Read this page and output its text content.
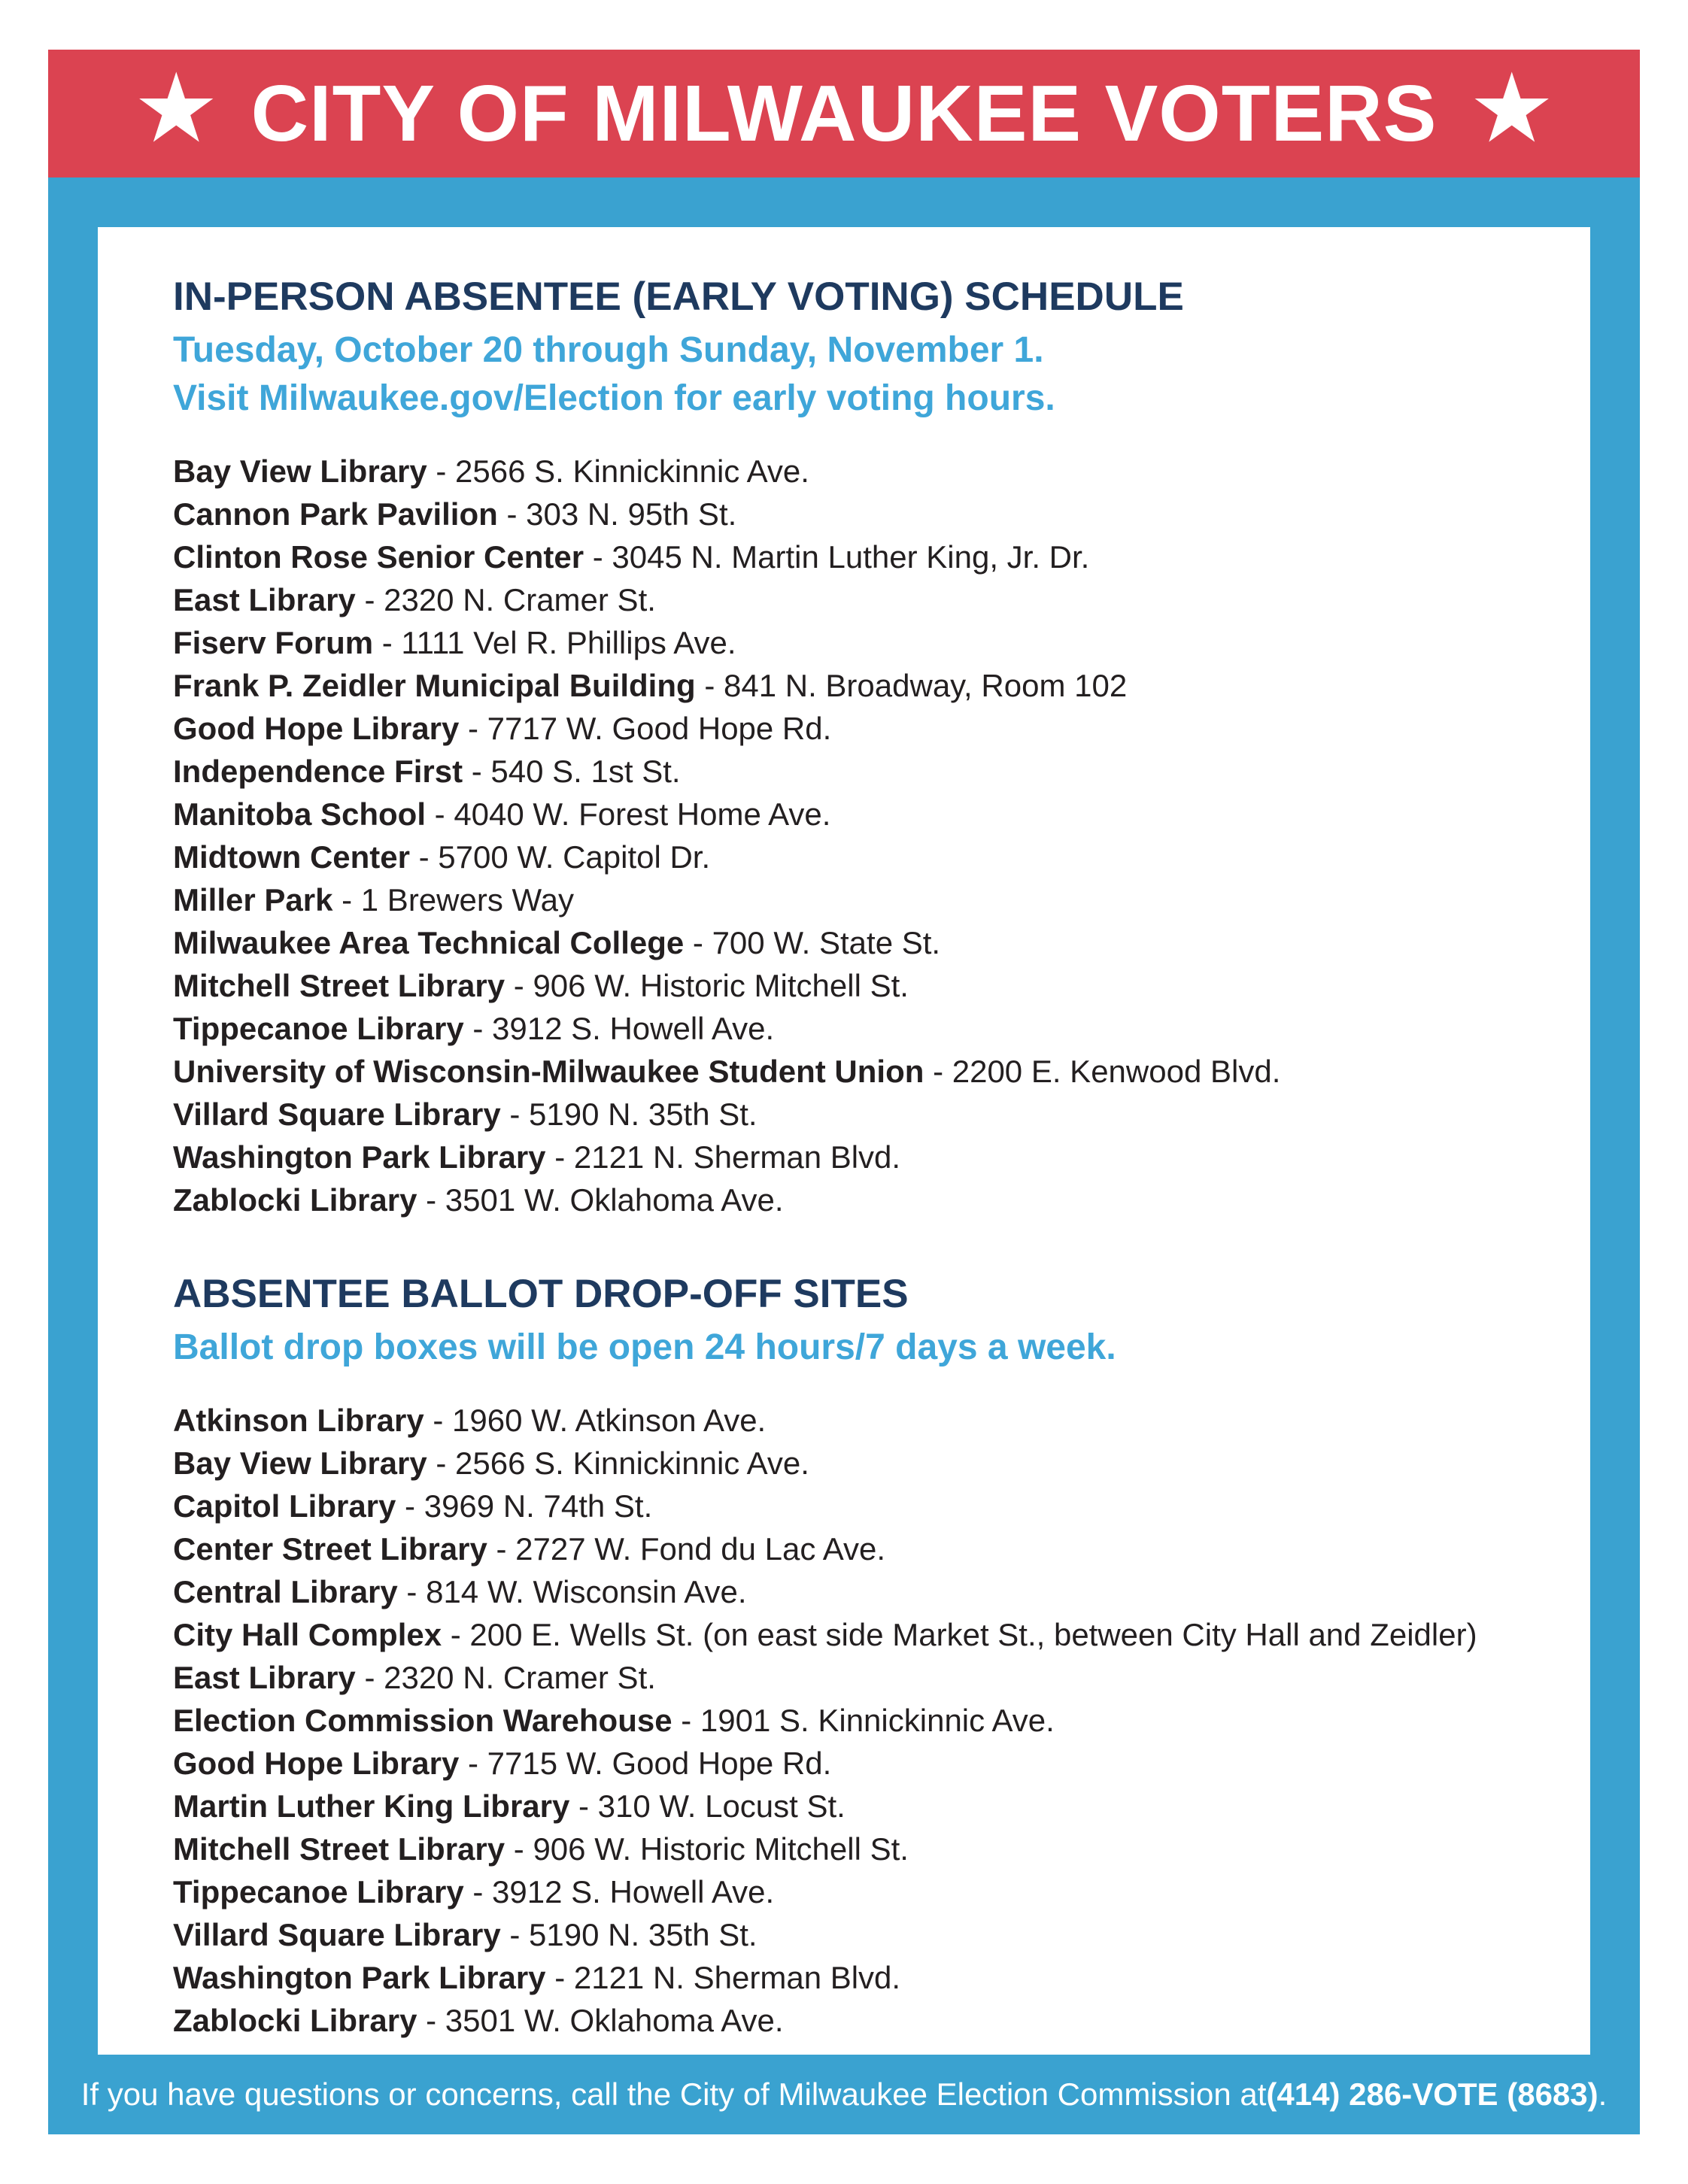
★ CITY OF MILWAUKEE VOTERS ★
IN-PERSON ABSENTEE (EARLY VOTING) SCHEDULE
Tuesday, October 20 through Sunday, November 1.
Visit Milwaukee.gov/Election for early voting hours.
Bay View Library - 2566 S. Kinnickinnic Ave.
Cannon Park Pavilion - 303 N. 95th St.
Clinton Rose Senior Center - 3045 N. Martin Luther King, Jr. Dr.
East Library - 2320 N. Cramer St.
Fiserv Forum - 1111 Vel R. Phillips Ave.
Frank P. Zeidler Municipal Building - 841 N. Broadway, Room 102
Good Hope Library - 7717 W. Good Hope Rd.
Independence First - 540 S. 1st St.
Manitoba School - 4040 W. Forest Home Ave.
Midtown Center - 5700 W. Capitol Dr.
Miller Park - 1 Brewers Way
Milwaukee Area Technical College - 700 W. State St.
Mitchell Street Library - 906 W. Historic Mitchell St.
Tippecanoe Library - 3912 S. Howell Ave.
University of Wisconsin-Milwaukee Student Union - 2200 E. Kenwood Blvd.
Villard Square Library - 5190 N. 35th St.
Washington Park Library - 2121 N. Sherman Blvd.
Zablocki Library - 3501 W. Oklahoma Ave.
ABSENTEE BALLOT DROP-OFF SITES
Ballot drop boxes will be open 24 hours/7 days a week.
Atkinson Library - 1960 W. Atkinson Ave.
Bay View Library - 2566 S. Kinnickinnic Ave.
Capitol Library - 3969 N. 74th St.
Center Street Library - 2727 W. Fond du Lac Ave.
Central Library - 814 W. Wisconsin Ave.
City Hall Complex - 200 E. Wells St. (on east side Market St., between City Hall and Zeidler)
East Library - 2320 N. Cramer St.
Election Commission Warehouse - 1901 S. Kinnickinnic Ave.
Good Hope Library - 7715 W. Good Hope Rd.
Martin Luther King Library - 310 W. Locust St.
Mitchell Street Library - 906 W. Historic Mitchell St.
Tippecanoe Library - 3912 S. Howell Ave.
Villard Square Library - 5190 N. 35th St.
Washington Park Library - 2121 N. Sherman Blvd.
Zablocki Library - 3501 W. Oklahoma Ave.
If you have questions or concerns, call the City of Milwaukee Election Commission at (414) 286-VOTE (8683) .
